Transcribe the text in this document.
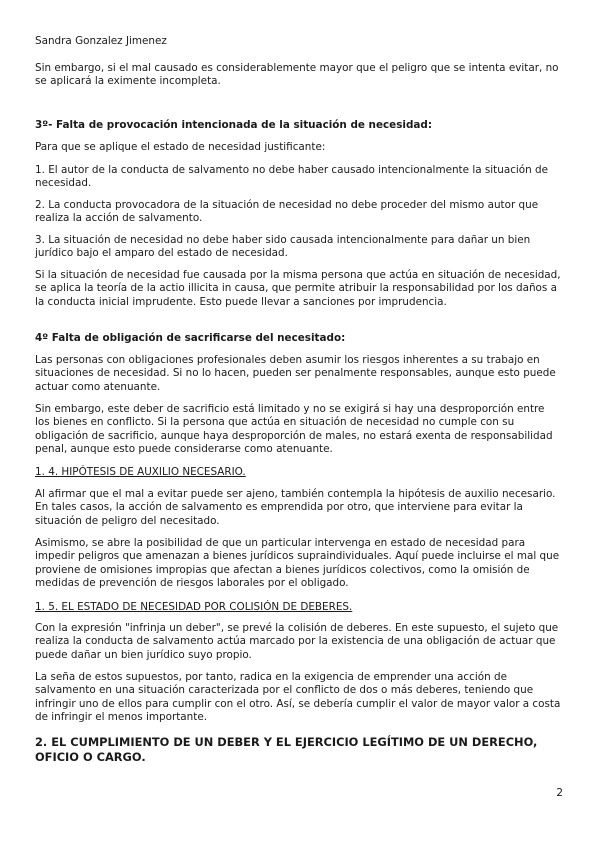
Sandra Gonzalez Jimenez

Sin embargo, si el mal causado es considerablemente mayor que el peligro que se intenta evitar, no se aplicará la eximente incompleta.

3º- Falta de provocación intencionada de la situación de necesidad:

Para que se aplique el estado de necesidad justificante:

1. El autor de la conducta de salvamento no debe haber causado intencionalmente la situación de necesidad.

2. La conducta provocadora de la situación de necesidad no debe proceder del mismo autor que realiza la acción de salvamento.

3. La situación de necesidad no debe haber sido causada intencionalmente para dañar un bien jurídico bajo el amparo del estado de necesidad.

Si la situación de necesidad fue causada por la misma persona que actúa en situación de necesidad, se aplica la teoría de la actio illicita in causa, que permite atribuir la responsabilidad por los daños a la conducta inicial imprudente. Esto puede llevar a sanciones por imprudencia.

4º Falta de obligación de sacrificarse del necesitado:

Las personas con obligaciones profesionales deben asumir los riesgos inherentes a su trabajo en situaciones de necesidad. Si no lo hacen, pueden ser penalmente responsables, aunque esto puede actuar como atenuante.

Sin embargo, este deber de sacrificio está limitado y no se exigirá si hay una desproporción entre los bienes en conflicto. Si la persona que actúa en situación de necesidad no cumple con su obligación de sacrificio, aunque haya desproporción de males, no estará exenta de responsabilidad penal, aunque esto puede considerarse como atenuante.

1. 4. HIPÓTESIS DE AUXILIO NECESARIO.

Al afirmar que el mal a evitar puede ser ajeno, también contempla la hipótesis de auxilio necesario. En tales casos, la acción de salvamento es emprendida por otro, que interviene para evitar la situación de peligro del necesitado.

Asimismo, se abre la posibilidad de que un particular intervenga en estado de necesidad para impedir peligros que amenazan a bienes jurídicos supraindividuales. Aquí puede incluirse el mal que proviene de omisiones impropias que afectan a bienes jurídicos colectivos, como la omisión de medidas de prevención de riesgos laborales por el obligado.

1. 5. EL ESTADO DE NECESIDAD POR COLISIÓN DE DEBERES.

Con la expresión "infrinja un deber", se prevé la colisión de deberes. En este supuesto, el sujeto que realiza la conducta de salvamento actúa marcado por la existencia de una obligación de actuar que puede dañar un bien jurídico suyo propio.

La seña de estos supuestos, por tanto, radica en la exigencia de emprender una acción de salvamento en una situación caracterizada por el conflicto de dos o más deberes, teniendo que infringir uno de ellos para cumplir con el otro. Así, se debería cumplir el valor de mayor valor a costa de infringir el menos importante.

2. EL CUMPLIMIENTO DE UN DEBER Y EL EJERCICIO LEGÍTIMO DE UN DERECHO, OFICIO O CARGO.

2
